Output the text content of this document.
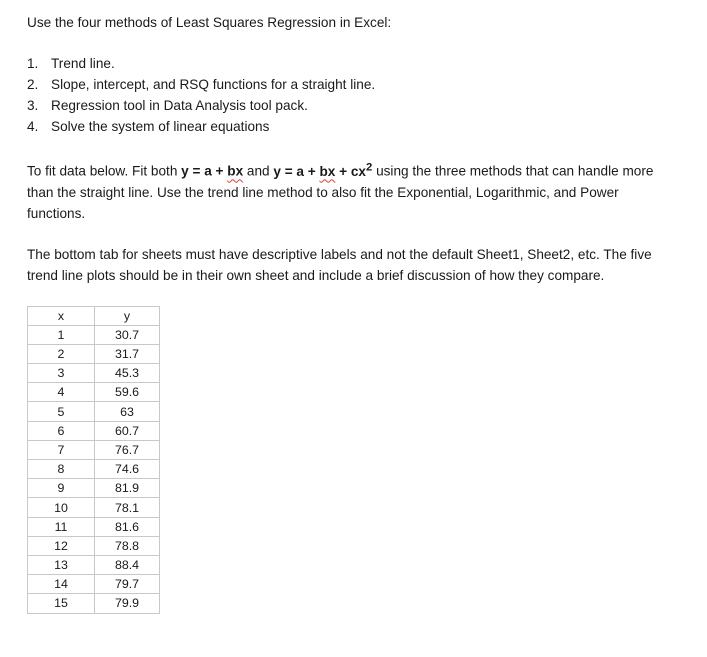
Use the four methods of Least Squares Regression in Excel:

1. Trend line.
2. Slope, intercept, and RSQ functions for a straight line.
3. Regression tool in Data Analysis tool pack.
4. Solve the system of linear equations

To fit data below. Fit both y = a + bx and y = a + bx + $cx^2$ using the three methods that can handle more than the straight line. Use the trend line method to also fit the Exponential, Logarithmic, and Power functions.

The bottom tab for sheets must have descriptive labels and not the default Sheet1, Sheet2, etc. The five trend line plots should be in their own sheet and include a brief discussion of how they compare.

x	y
1	30.7
2	31.7
3	45.3
4	59.6
5	63
6	60.7
7	76.7
8	74.6
9	81.9
10	78.1
11	81.6
12	78.8
13	88.4
14	79.7
15	79.9
